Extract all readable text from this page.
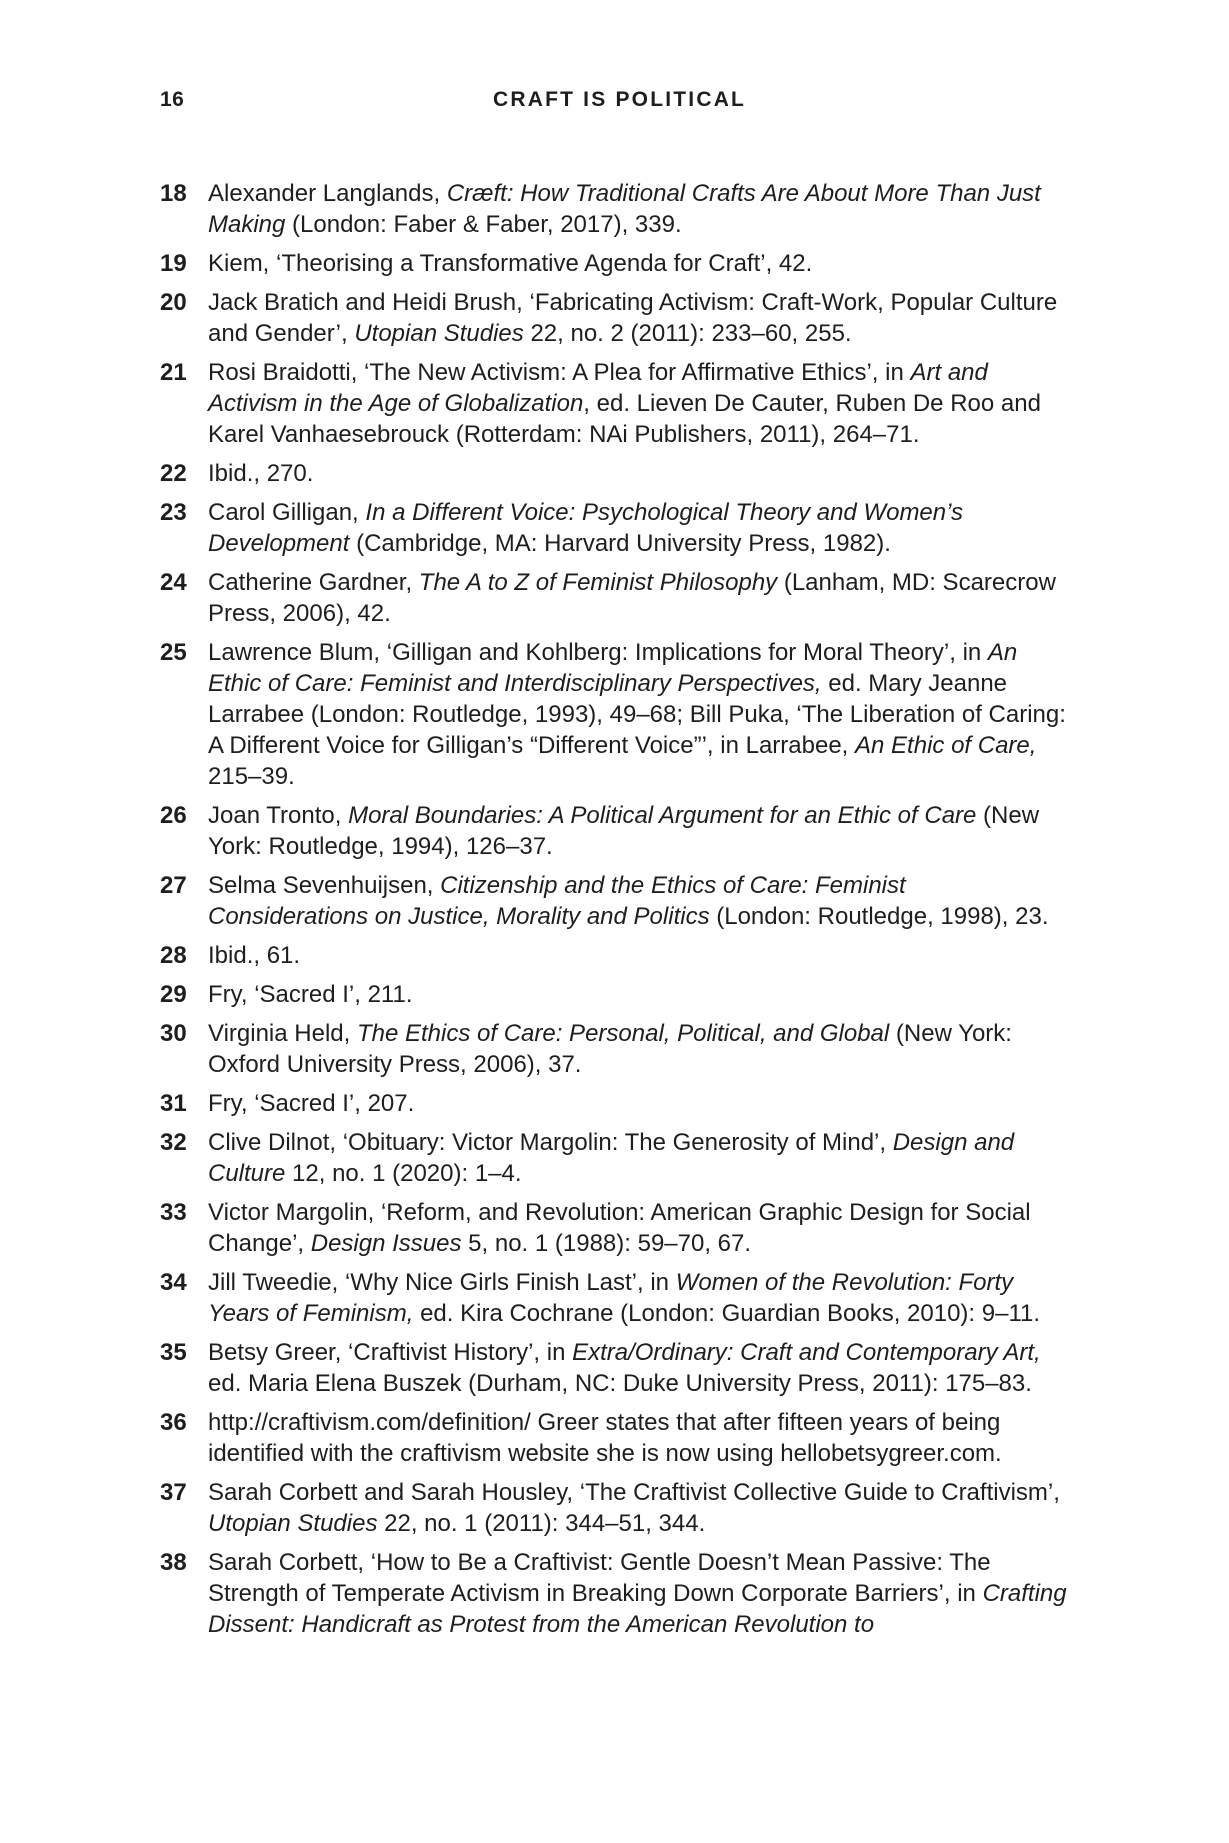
16	CRAFT IS POLITICAL
18 Alexander Langlands, Cræft: How Traditional Crafts Are About More Than Just Making (London: Faber & Faber, 2017), 339.
19 Kiem, ‘Theorising a Transformative Agenda for Craft’, 42.
20 Jack Bratich and Heidi Brush, ‘Fabricating Activism: Craft-Work, Popular Culture and Gender’, Utopian Studies 22, no. 2 (2011): 233–60, 255.
21 Rosi Braidotti, ‘The New Activism: A Plea for Affirmative Ethics’, in Art and Activism in the Age of Globalization, ed. Lieven De Cauter, Ruben De Roo and Karel Vanhaesebrouck (Rotterdam: NAi Publishers, 2011), 264–71.
22 Ibid., 270.
23 Carol Gilligan, In a Different Voice: Psychological Theory and Women’s Development (Cambridge, MA: Harvard University Press, 1982).
24 Catherine Gardner, The A to Z of Feminist Philosophy (Lanham, MD: Scarecrow Press, 2006), 42.
25 Lawrence Blum, ‘Gilligan and Kohlberg: Implications for Moral Theory’, in An Ethic of Care: Feminist and Interdisciplinary Perspectives, ed. Mary Jeanne Larrabee (London: Routledge, 1993), 49–68; Bill Puka, ‘The Liberation of Caring: A Different Voice for Gilligan’s “Different Voice”’, in Larrabee, An Ethic of Care, 215–39.
26 Joan Tronto, Moral Boundaries: A Political Argument for an Ethic of Care (New York: Routledge, 1994), 126–37.
27 Selma Sevenhuijsen, Citizenship and the Ethics of Care: Feminist Considerations on Justice, Morality and Politics (London: Routledge, 1998), 23.
28 Ibid., 61.
29 Fry, ‘Sacred I’, 211.
30 Virginia Held, The Ethics of Care: Personal, Political, and Global (New York: Oxford University Press, 2006), 37.
31 Fry, ‘Sacred I’, 207.
32 Clive Dilnot, ‘Obituary: Victor Margolin: The Generosity of Mind’, Design and Culture 12, no. 1 (2020): 1–4.
33 Victor Margolin, ‘Reform, and Revolution: American Graphic Design for Social Change’, Design Issues 5, no. 1 (1988): 59–70, 67.
34 Jill Tweedie, ‘Why Nice Girls Finish Last’, in Women of the Revolution: Forty Years of Feminism, ed. Kira Cochrane (London: Guardian Books, 2010): 9–11.
35 Betsy Greer, ‘Craftivist History’, in Extra/Ordinary: Craft and Contemporary Art, ed. Maria Elena Buszek (Durham, NC: Duke University Press, 2011): 175–83.
36 http://craftivism.com/definition/ Greer states that after fifteen years of being identified with the craftivism website she is now using hellobetsygreer.com.
37 Sarah Corbett and Sarah Housley, ‘The Craftivist Collective Guide to Craftivism’, Utopian Studies 22, no. 1 (2011): 344–51, 344.
38 Sarah Corbett, ‘How to Be a Craftivist: Gentle Doesn’t Mean Passive: The Strength of Temperate Activism in Breaking Down Corporate Barriers’, in Crafting Dissent: Handicraft as Protest from the American Revolution to
